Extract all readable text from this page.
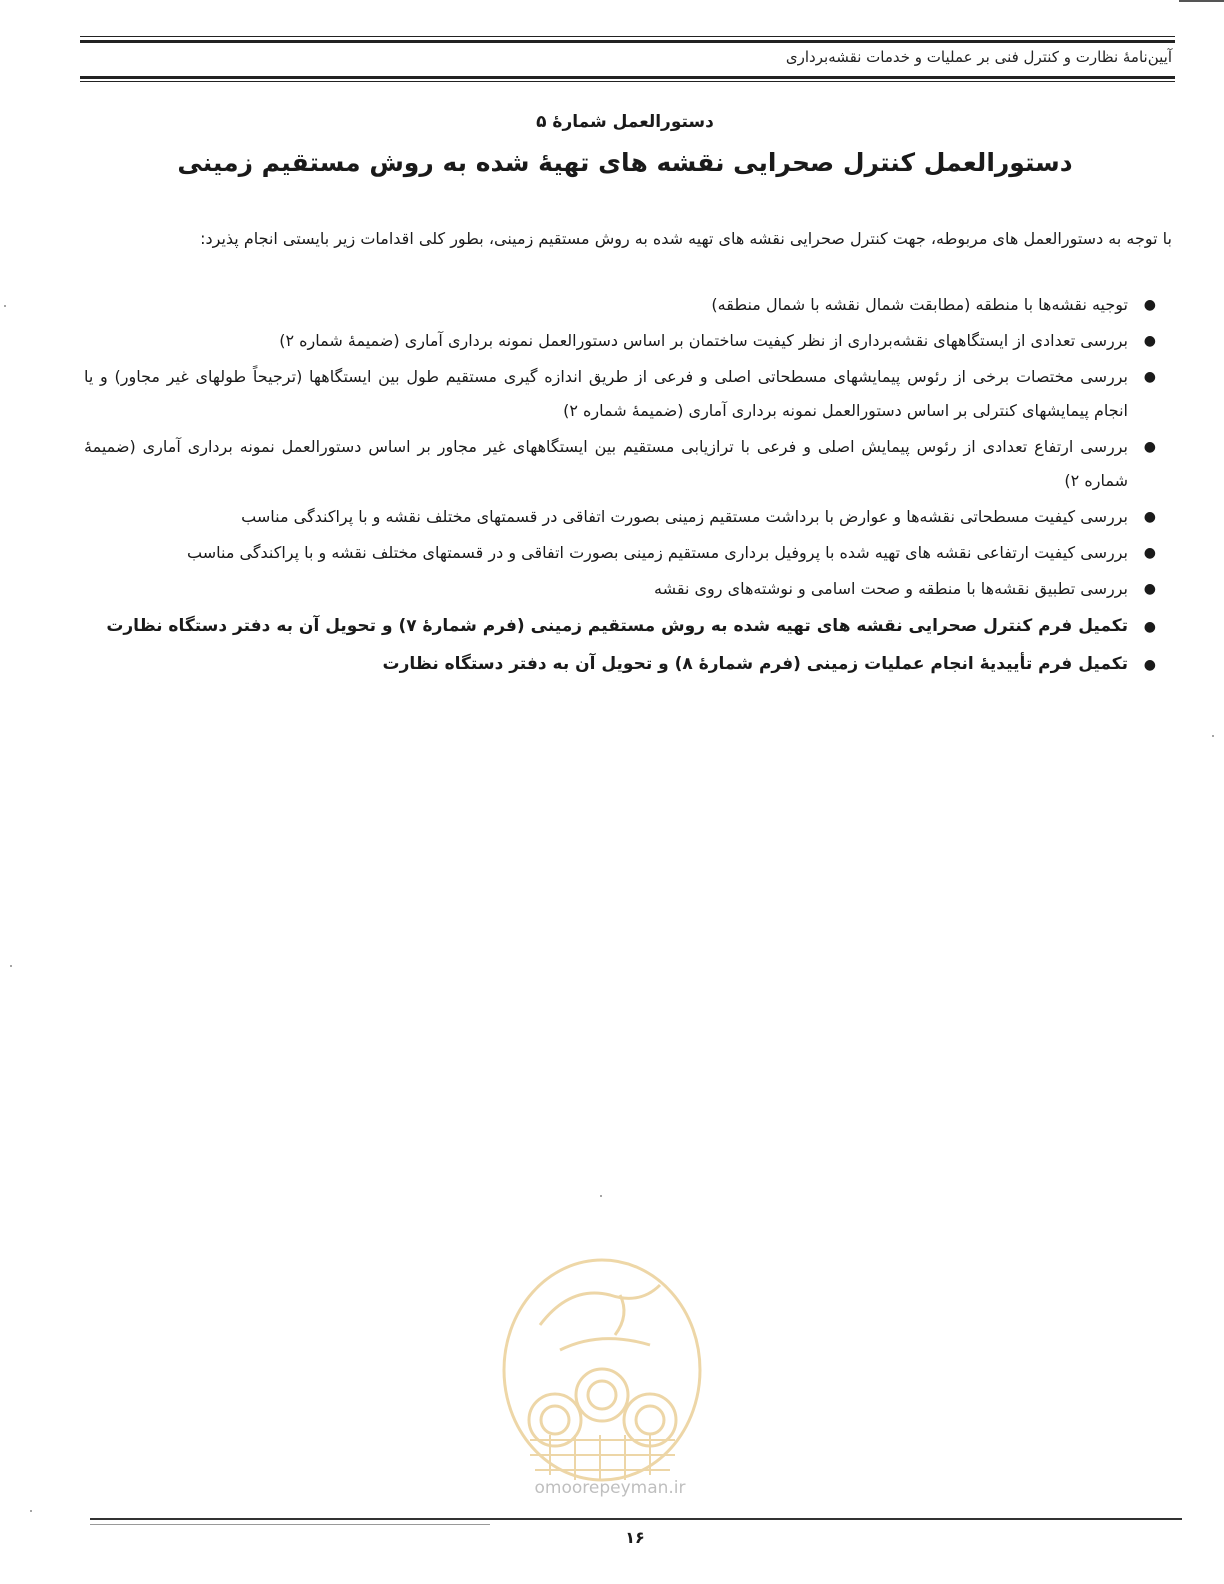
آیین‌نامهٔ نظارت و کنترل فنی بر عملیات و خدمات نقشه‌برداری
دستورالعمل شمارهٔ ۵
دستورالعمل کنترل صحرایی نقشه های تهیهٔ شده به روش مستقیم زمینی
با توجه به دستورالعمل های مربوطه، جهت کنترل صحرایی نقشه های تهیه شده به روش مستقیم زمینی، بطور کلی اقدامات زیر بایستی انجام پذیرد:
●
توجیه نقشه‌ها با منطقه (مطابقت شمال نقشه با شمال منطقه)
●
بررسی تعدادی از ایستگاههای نقشه‌برداری از نظر کیفیت ساختمان بر اساس دستورالعمل نمونه برداری آماری (ضمیمهٔ شماره ۲)
●
بررسی مختصات برخی از رئوس پیمایشهای مسطحاتی اصلی و فرعی از طریق اندازه گیری مستقیم طول بین ایستگاهها (ترجیحاً طولهای غیر مجاور) و یا انجام پیمایشهای کنترلی بر اساس دستورالعمل نمونه برداری آماری (ضمیمهٔ شماره ۲)
●
بررسی ارتفاع تعدادی از رئوس پیمایش اصلی و فرعی با ترازیابی مستقیم بین ایستگاههای غیر مجاور بر اساس دستورالعمل نمونه برداری آماری (ضمیمهٔ شماره ۲)
●
بررسی کیفیت مسطحاتی نقشه‌ها و عوارض با برداشت مستقیم زمینی بصورت اتفاقی در قسمتهای مختلف نقشه و با پراکندگی مناسب
●
بررسی کیفیت ارتفاعی نقشه های تهیه شده با پروفیل برداری مستقیم زمینی بصورت اتفاقی و در قسمتهای مختلف نقشه و با پراکندگی مناسب
●
بررسی تطبیق نقشه‌ها با منطقه و صحت اسامی و نوشته‌های روی نقشه
●
تکمیل فرم کنترل صحرایی نقشه های تهیه شده به روش مستقیم زمینی (فرم شمارهٔ ۷) و تحویل آن به دفتر دستگاه نظارت
●
تکمیل فرم تأییدیهٔ انجام عملیات زمینی (فرم شمارهٔ ۸) و تحویل آن به دفتر دستگاه نظارت
omoorepeyman.ir
۱۶
